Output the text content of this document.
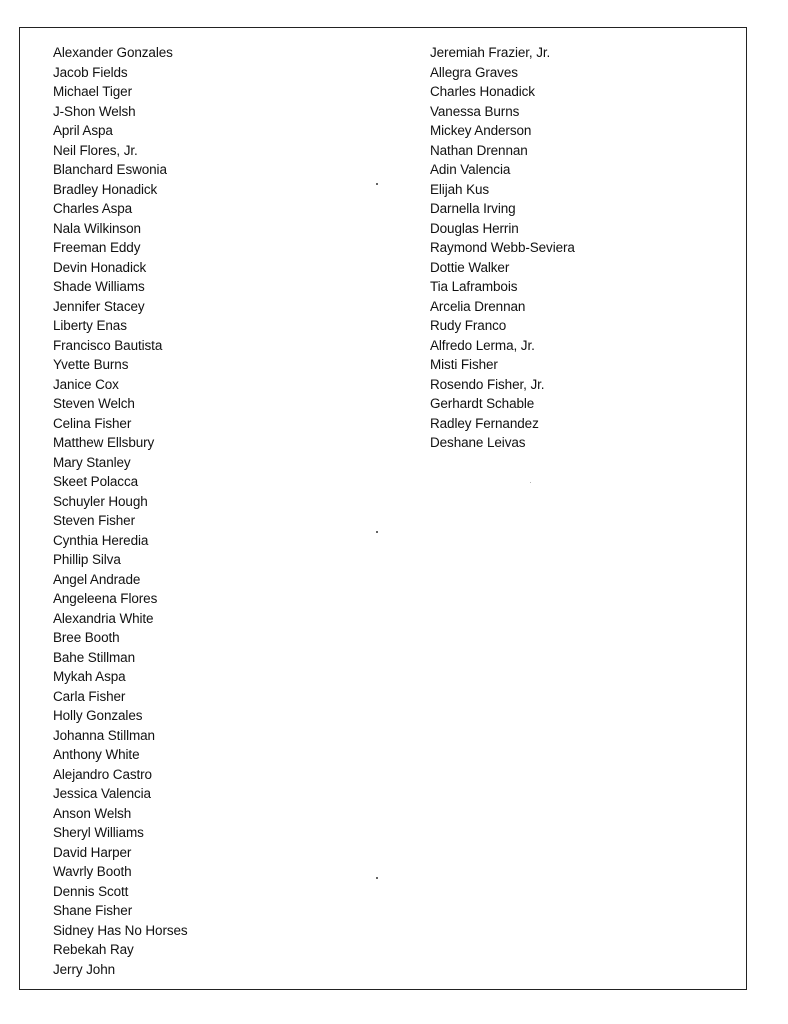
Alexander Gonzales
Jacob Fields
Michael Tiger
J-Shon Welsh
April Aspa
Neil Flores, Jr.
Blanchard Eswonia
Bradley Honadick
Charles Aspa
Nala Wilkinson
Freeman Eddy
Devin Honadick
Shade Williams
Jennifer Stacey
Liberty Enas
Francisco Bautista
Yvette Burns
Janice Cox
Steven Welch
Celina Fisher
Matthew Ellsbury
Mary Stanley
Skeet Polacca
Schuyler Hough
Steven Fisher
Cynthia Heredia
Phillip Silva
Angel Andrade
Angeleena Flores
Alexandria White
Bree Booth
Bahe Stillman
Mykah Aspa
Carla Fisher
Holly Gonzales
Johanna Stillman
Anthony White
Alejandro Castro
Jessica Valencia
Anson Welsh
Sheryl Williams
David Harper
Wavrly Booth
Dennis Scott
Shane Fisher
Sidney Has No Horses
Rebekah Ray
Jerry John
Jeremiah Frazier, Jr.
Allegra Graves
Charles Honadick
Vanessa Burns
Mickey Anderson
Nathan Drennan
Adin Valencia
Elijah Kus
Darnella Irving
Douglas Herrin
Raymond Webb-Seviera
Dottie Walker
Tia Laframbois
Arcelia Drennan
Rudy Franco
Alfredo Lerma, Jr.
Misti Fisher
Rosendo Fisher, Jr.
Gerhardt Schable
Radley Fernandez
Deshane Leivas
